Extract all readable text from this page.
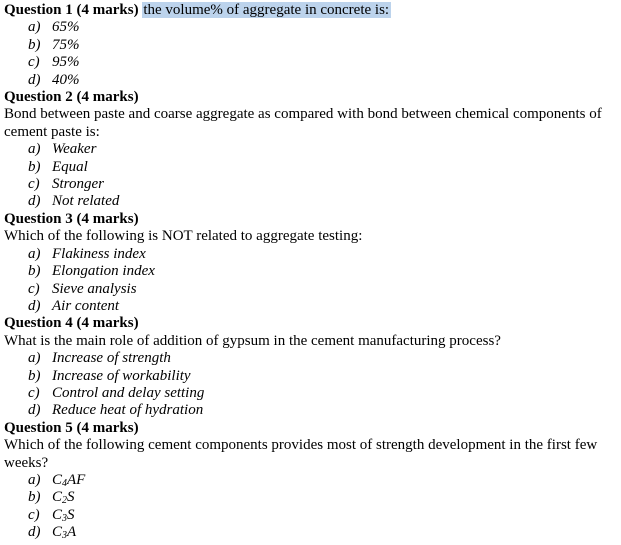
Question 1 (4 marks) the volume% of aggregate in concrete is:
a) 65%
b) 75%
c) 95%
d) 40%
Question 2 (4 marks)

Bond between paste and coarse aggregate as compared with bond between chemical components of cement paste is:

a) Weaker
b) Equal
c) Stronger
d) Not related
Question 3 (4 marks)

Which of the following is NOT related to aggregate testing:

a) Flakiness index
b) Elongation index
c) Sieve analysis
d) Air content
Question 4 (4 marks)

What is the main role of addition of gypsum in the cement manufacturing process?

a) Increase of strength
b) Increase of workability
c) Control and delay setting
d) Reduce heat of hydration
Question 5 (4 marks)

Which of the following cement components provides most of strength development in the first few weeks?

a) $C_4AF$
b) $C_2S$
c) $C_3S$
d) $C_3A$
